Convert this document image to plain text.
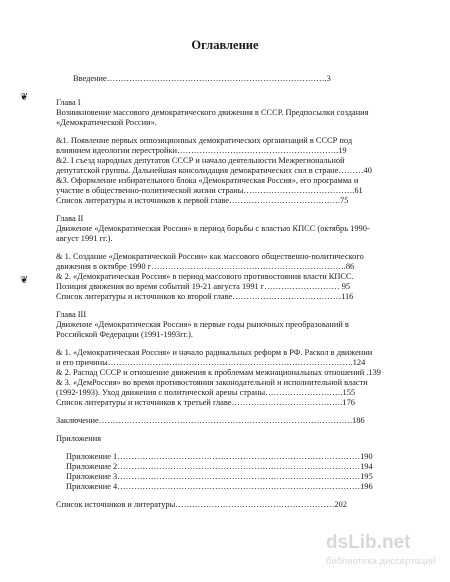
Оглавление
Введение…………………………………………………………………….3
Глава I
Возникновение массового демократического движения в СССР. Предпосылки создания
«Демократической России».
&1. Появление первых оппозиционных демократических организаций в СССР под
влиянием идеологии перестройки………………………………………………….19
&2. I съезд народных депутатов СССР и начало деятельности Межрегиональной
депутатской группы. Дальнейшая консолидация демократических сил в стране………40
&3. Оформление избирательного блока «Демократическая Россия», его программа и
участие в общественно-политической жизни страны………………………………….61
Список литературы и источников к первой главе………………………………….75
Глава II
Движение «Демократическая Россия» в период борьбы с властью КПСС (октябрь 1990-
август 1991 гг.).
& 1. Создание «Демократической России» как массового общественно-политического
движения в октябре 1990 г…………………………………………………………….86
& 2. «Демократическая Россия» в период массового противостояния власти КПСС.
Позиция движения во время событий 19-21 августа 1991 г……………………… 95
Список литературы и источников ко второй главе…………………………………116
Глава III
Движение «Демократическая Россия» в первые годы рыночных преобразований в
Российской Федерации (1991-1993гг.).
& 1. «Демократическая Россия» и начало радикальных реформ в РФ. Раскол в движении
и его причины…………………………………………………………………………….124
& 2. Распад СССР и отношение движения к проблемам межнациональных отношений .139
& 3. «ДемРоссия» во время противостояния законодательной и исполнительной власти
(1992-1993). Уход движения с политической арены страны……………………….155
Список литературы и источников к третьей главе………………………………….176
Заключение……………………………………………………………………………….186
Приложения
Приложение 1……………………………………………………………………………190
Приложение 2……………………………………………………………………………194
Приложение 3……………………………………………………………………………195
Приложение 4……………………………………………………………………………196
Список источников и литературы…………………………………………………202
❦
❦
dsLib.net
библиотека диссертаций
